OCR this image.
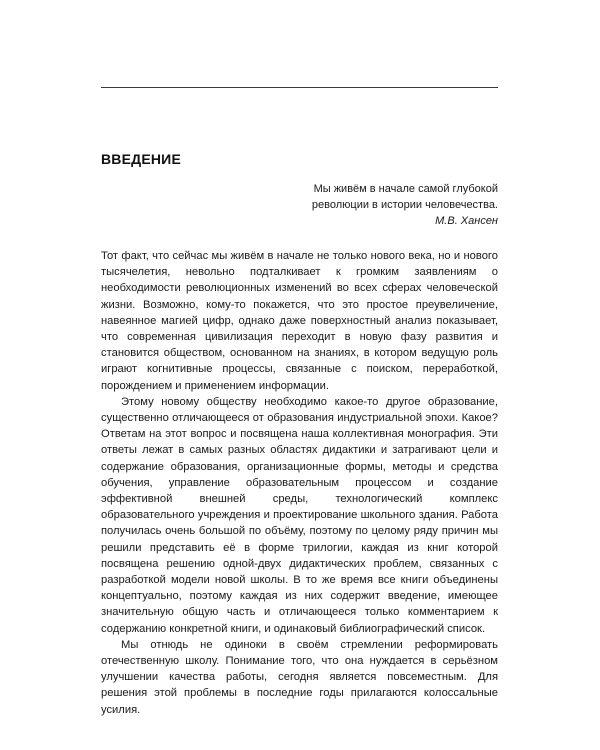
ВВЕДЕНИЕ
Мы живём в начале самой глубокой
революции в истории человечества.
М.В. Хансен

Тот факт, что сейчас мы живём в начале не только нового века, но и нового тысячелетия, невольно подталкивает к громким заявлениям о необходимости революционных изменений во всех сферах человеческой жизни. Возможно, кому-то покажется, что это простое преувеличение, навеянное магией цифр, однако даже поверхностный анализ показывает, что современная цивилизация переходит в новую фазу развития и становится обществом, основанном на знаниях, в котором ведущую роль играют когнитивные процессы, связанные с поиском, переработкой, порождением и применением информации.

Этому новому обществу необходимо какое-то другое образование, существенно отличающееся от образования индустриальной эпохи. Какое? Ответам на этот вопрос и посвящена наша коллективная монография. Эти ответы лежат в самых разных областях дидактики и затрагивают цели и содержание образования, организационные формы, методы и средства обучения, управление образовательным процессом и создание эффективной внешней среды, технологический комплекс образовательного учреждения и проектирование школьного здания. Работа получилась очень большой по объёму, поэтому по целому ряду причин мы решили представить её в форме трилогии, каждая из книг которой посвящена решению одной-двух дидактических проблем, связанных с разработкой модели новой школы. В то же время все книги объединены концептуально, поэтому каждая из них содержит введение, имеющее значительную общую часть и отличающееся только комментарием к содержанию конкретной книги, и одинаковый библиографический список.

Мы отнюдь не одиноки в своём стремлении реформировать отечественную школу. Понимание того, что она нуждается в серьёзном улучшении качества работы, сегодня является повсеместным. Для решения этой проблемы в последние годы прилагаются колоссальные усилия.
